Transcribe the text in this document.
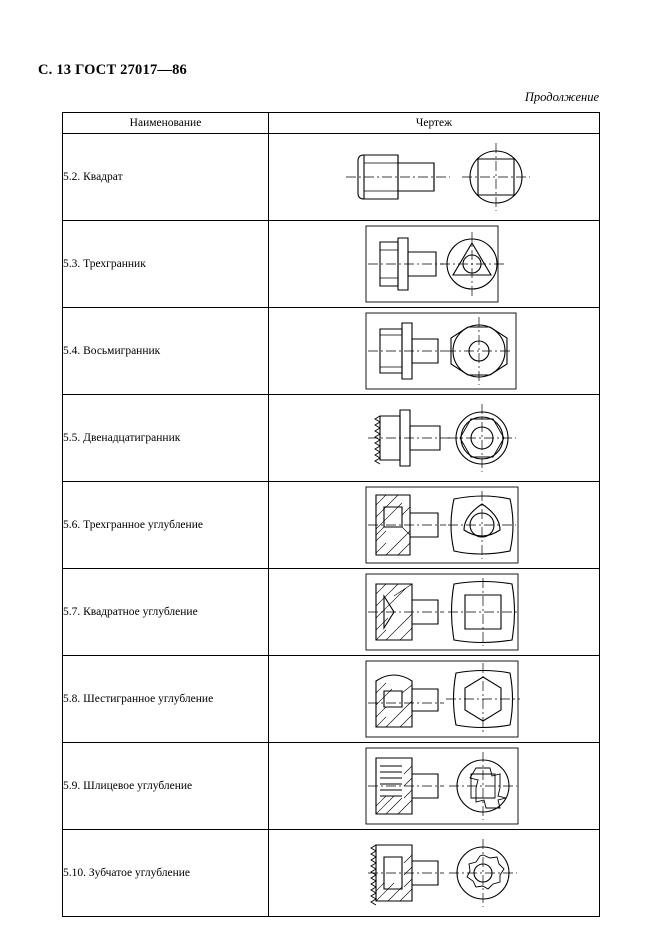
С. 13 ГОСТ 27017—86
Продолжение
Наименование	Чертеж
5.2. Квадрат	

5.3. Трехгранник	

5.4. Восьмигранник	

5.5. Двенадцатигранник	

5.6. Трехгранное углубление	

5.7. Квадратное углубление	

5.8. Шестигранное углубление	

5.9. Шлицевое углубление	

5.10. Зубчатое углубление	
